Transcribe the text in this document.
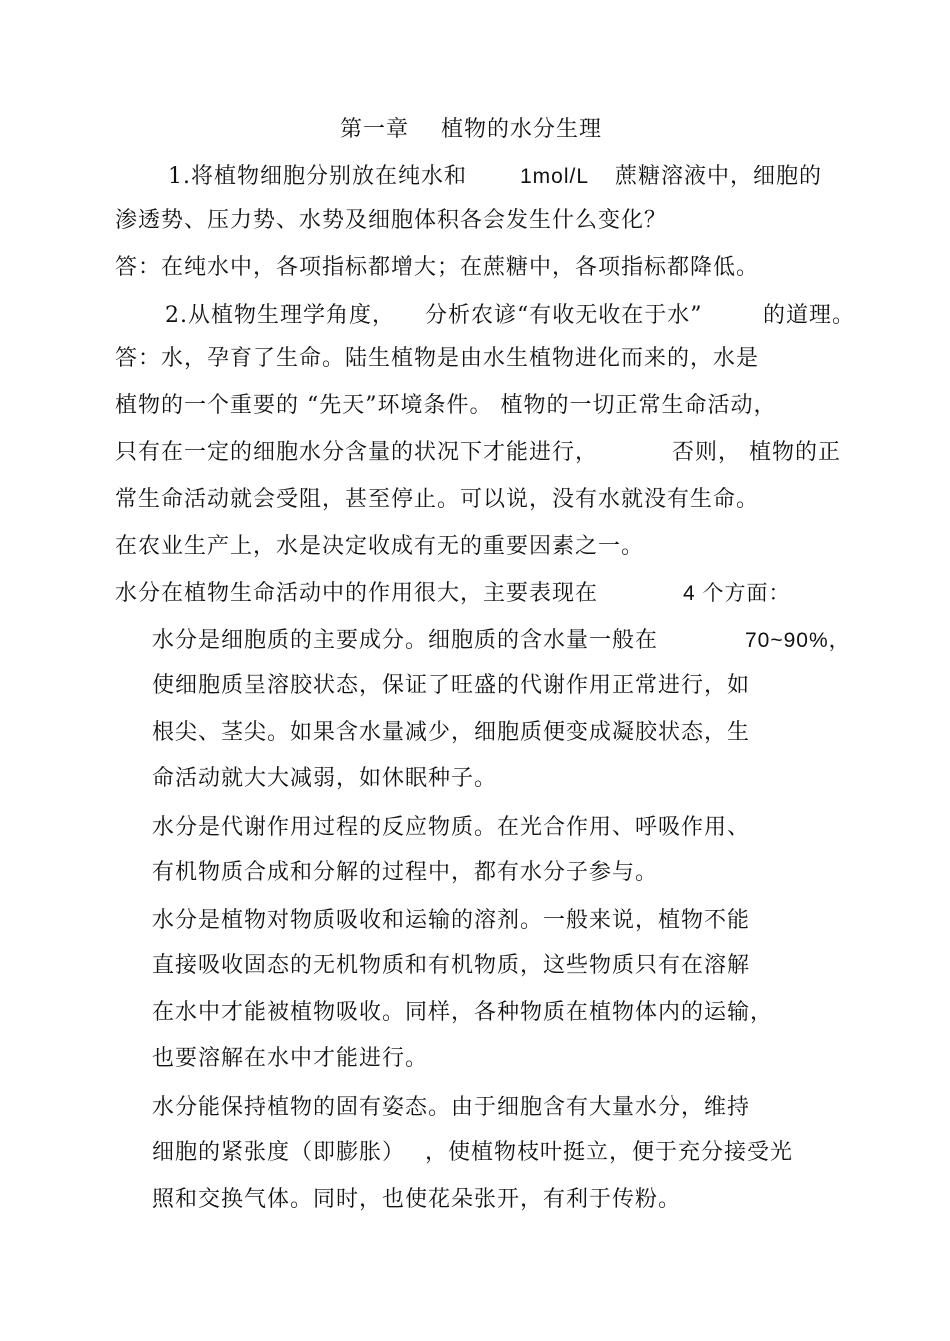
第一章 植物的水分生理
1.将植物细胞分别放在纯水和	1mol/L 蔗糖溶液中，细胞的
渗透势、压力势、水势及细胞体积各会发生什么变化？
答：在纯水中，各项指标都增大；在蔗糖中，各项指标都降低。
2.从植物生理学角度， 分析农谚“有收无收在于水”	的道理。
答：水，孕育了生命。陆生植物是由水生植物进化而来的，水是
植物的一个重要的 “先天”环境条件。 植物的一切正常生命活动，
只有在一定的细胞水分含量的状况下才能进行，	否则， 植物的正
常生命活动就会受阻，甚至停止。可以说，没有水就没有生命。
在农业生产上，水是决定收成有无的重要因素之一。
水分在植物生命活动中的作用很大，主要表现在	4 个方面：
水分是细胞质的主要成分。细胞质的含水量一般在	70~90%，
使细胞质呈溶胶状态，保证了旺盛的代谢作用正常进行，如
根尖、茎尖。如果含水量减少，细胞质便变成凝胶状态，生
命活动就大大减弱，如休眠种子。
水分是代谢作用过程的反应物质。在光合作用、呼吸作用、
有机物质合成和分解的过程中，都有水分子参与。
水分是植物对物质吸收和运输的溶剂。一般来说，植物不能
直接吸收固态的无机物质和有机物质，这些物质只有在溶解
在水中才能被植物吸收。同样，各种物质在植物体内的运输，
也要溶解在水中才能进行。
水分能保持植物的固有姿态。由于细胞含有大量水分，维持
细胞的紧张度（即膨胀） ，使植物枝叶挺立，便于充分接受光
照和交换气体。同时，也使花朵张开，有利于传粉。
